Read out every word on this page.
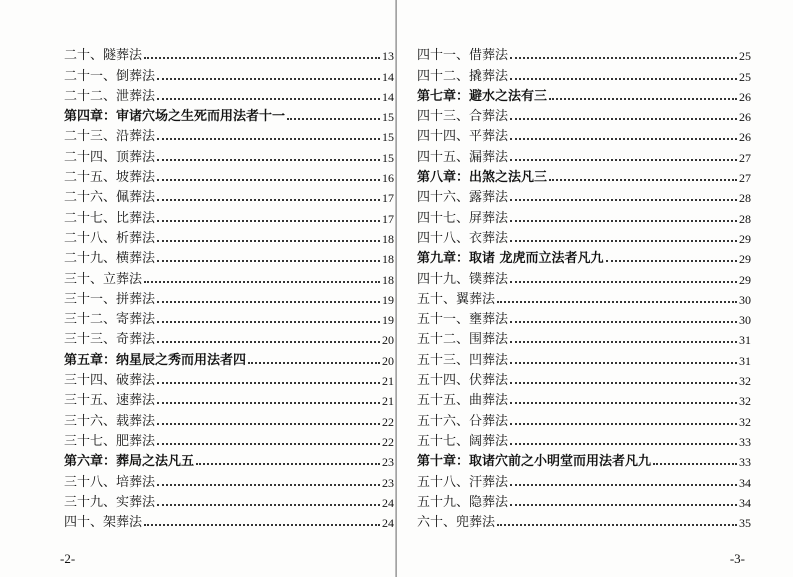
二十、隧葬法	13
二十一、倒葬法	14
二十二、泄葬法	14
第四章：审诸穴场之生死而用法者十一	15
二十三、沿葬法	15
二十四、顶葬法	15
二十五、坡葬法	16
二十六、佩葬法	17
二十七、比葬法	17
二十八、析葬法	18
二十九、横葬法	18
三十、立葬法	18
三十一、拼葬法	19
三十二、寄葬法	19
三十三、奇葬法	20
第五章：纳星辰之秀而用法者四	20
三十四、破葬法	21
三十五、速葬法	21
三十六、载葬法	22
三十七、肥葬法	22
第六章：葬局之法凡五	23
三十八、培葬法	23
三十九、实葬法	24
四十、架葬法	24
-2-
四十一、借葬法	25
四十二、撬葬法	25
第七章：避水之法有三	26
四十三、合葬法	26
四十四、平葬法	26
四十五、漏葬法	27
第八章：出煞之法凡三	27
四十六、露葬法	28
四十七、屏葬法	28
四十八、衣葬法	29
第九章：取诸 龙虎而立法者凡九	29
四十九、镤葬法	29
五十、翼葬法	30
五十一、壅葬法	30
五十二、围葬法	31
五十三、凹葬法	31
五十四、伏葬法	32
五十五、曲葬法	32
五十六、㕣葬法	32
五十七、阔葬法	33
第十章：取诸穴前之小明堂而用法者凡九	33
五十八、汗葬法	34
五十九、隐葬法	34
六十、兜葬法	35
-3-
